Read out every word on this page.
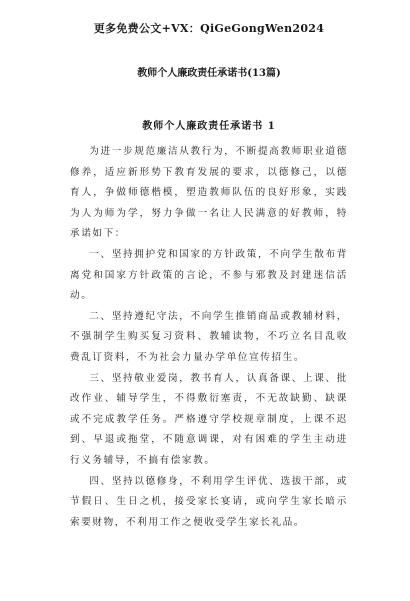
更多免费公文+VX：QiGeGongWen2024
教师个人廉政责任承诺书(13篇)
教师个人廉政责任承诺书 1

为进一步规范廉洁从教行为，不断提高教师职业道德修养，适应新形势下教育发展的要求，以德修己，以德育人，争做师德楷模，塑造教师队伍的良好形象，实践为人为师为学，努力争做一名让人民满意的好教师，特承诺如下：

一、坚持拥护党和国家的方针政策，不向学生散布背离党和国家方针政策的言论，不参与邪教及封建迷信活动。

二、坚持遵纪守法，不向学生推销商品或教辅材料，不强制学生购买复习资料、教辅读物，不巧立名目乱收费乱订资料，不为社会力量办学单位宣传招生。

三、坚持敬业爱岗，教书育人，认真备课、上课、批改作业、辅导学生，不得敷衍塞责，不无故缺勤、缺课或不完成教学任务。严格遵守学校规章制度，上课不迟到、早退或拖堂，不随意调课，对有困难的学生主动进行义务辅导，不搞有偿家教。

四、坚持以德修身，不利用学生评优、选拔干部，或节假日、生日之机，接受家长宴请，或向学生家长暗示索要财物，不利用工作之便收受学生家长礼品。
